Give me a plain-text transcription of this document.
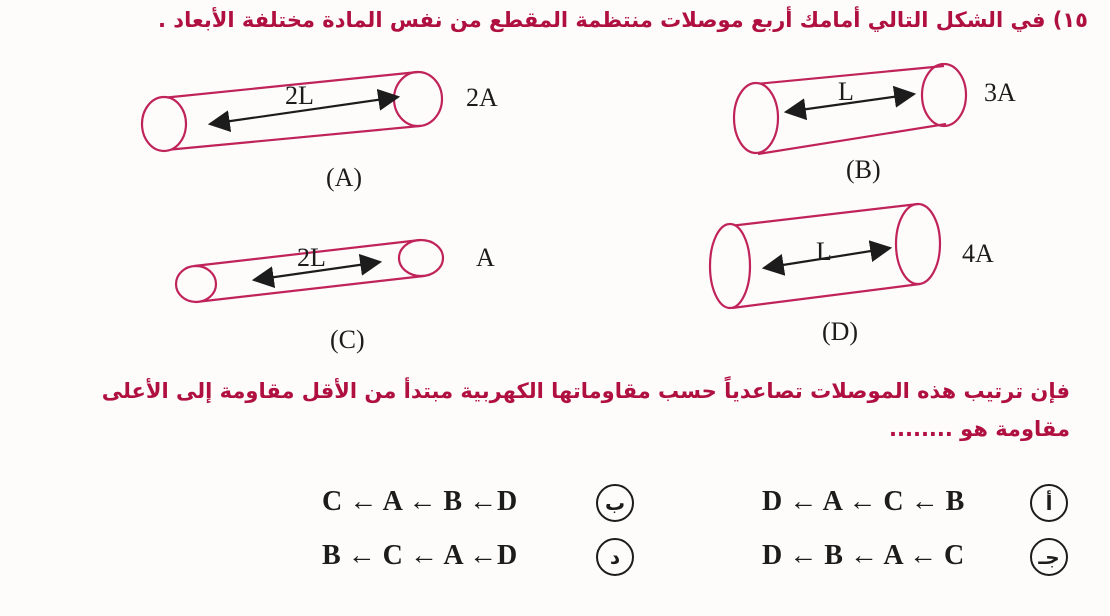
١٥) في الشكل التالي أمامك أربع موصلات منتظمة المقطع من نفس المادة مختلفة الأبعاد .
2L	2A
(A)
L	3A
(B)
2L	A
(C)
L	4A
(D)
فإن ترتيب هذه الموصلات تصاعدياً حسب مقاوماتها الكهربية مبتدأ من الأقل مقاومة إلى الأعلى
مقاومة هو ........
أ
D ← A ← C ← B
ب
C ← A ← B ←D
جـ
D ← B ← A ← C
د
B ← C ← A ←D
